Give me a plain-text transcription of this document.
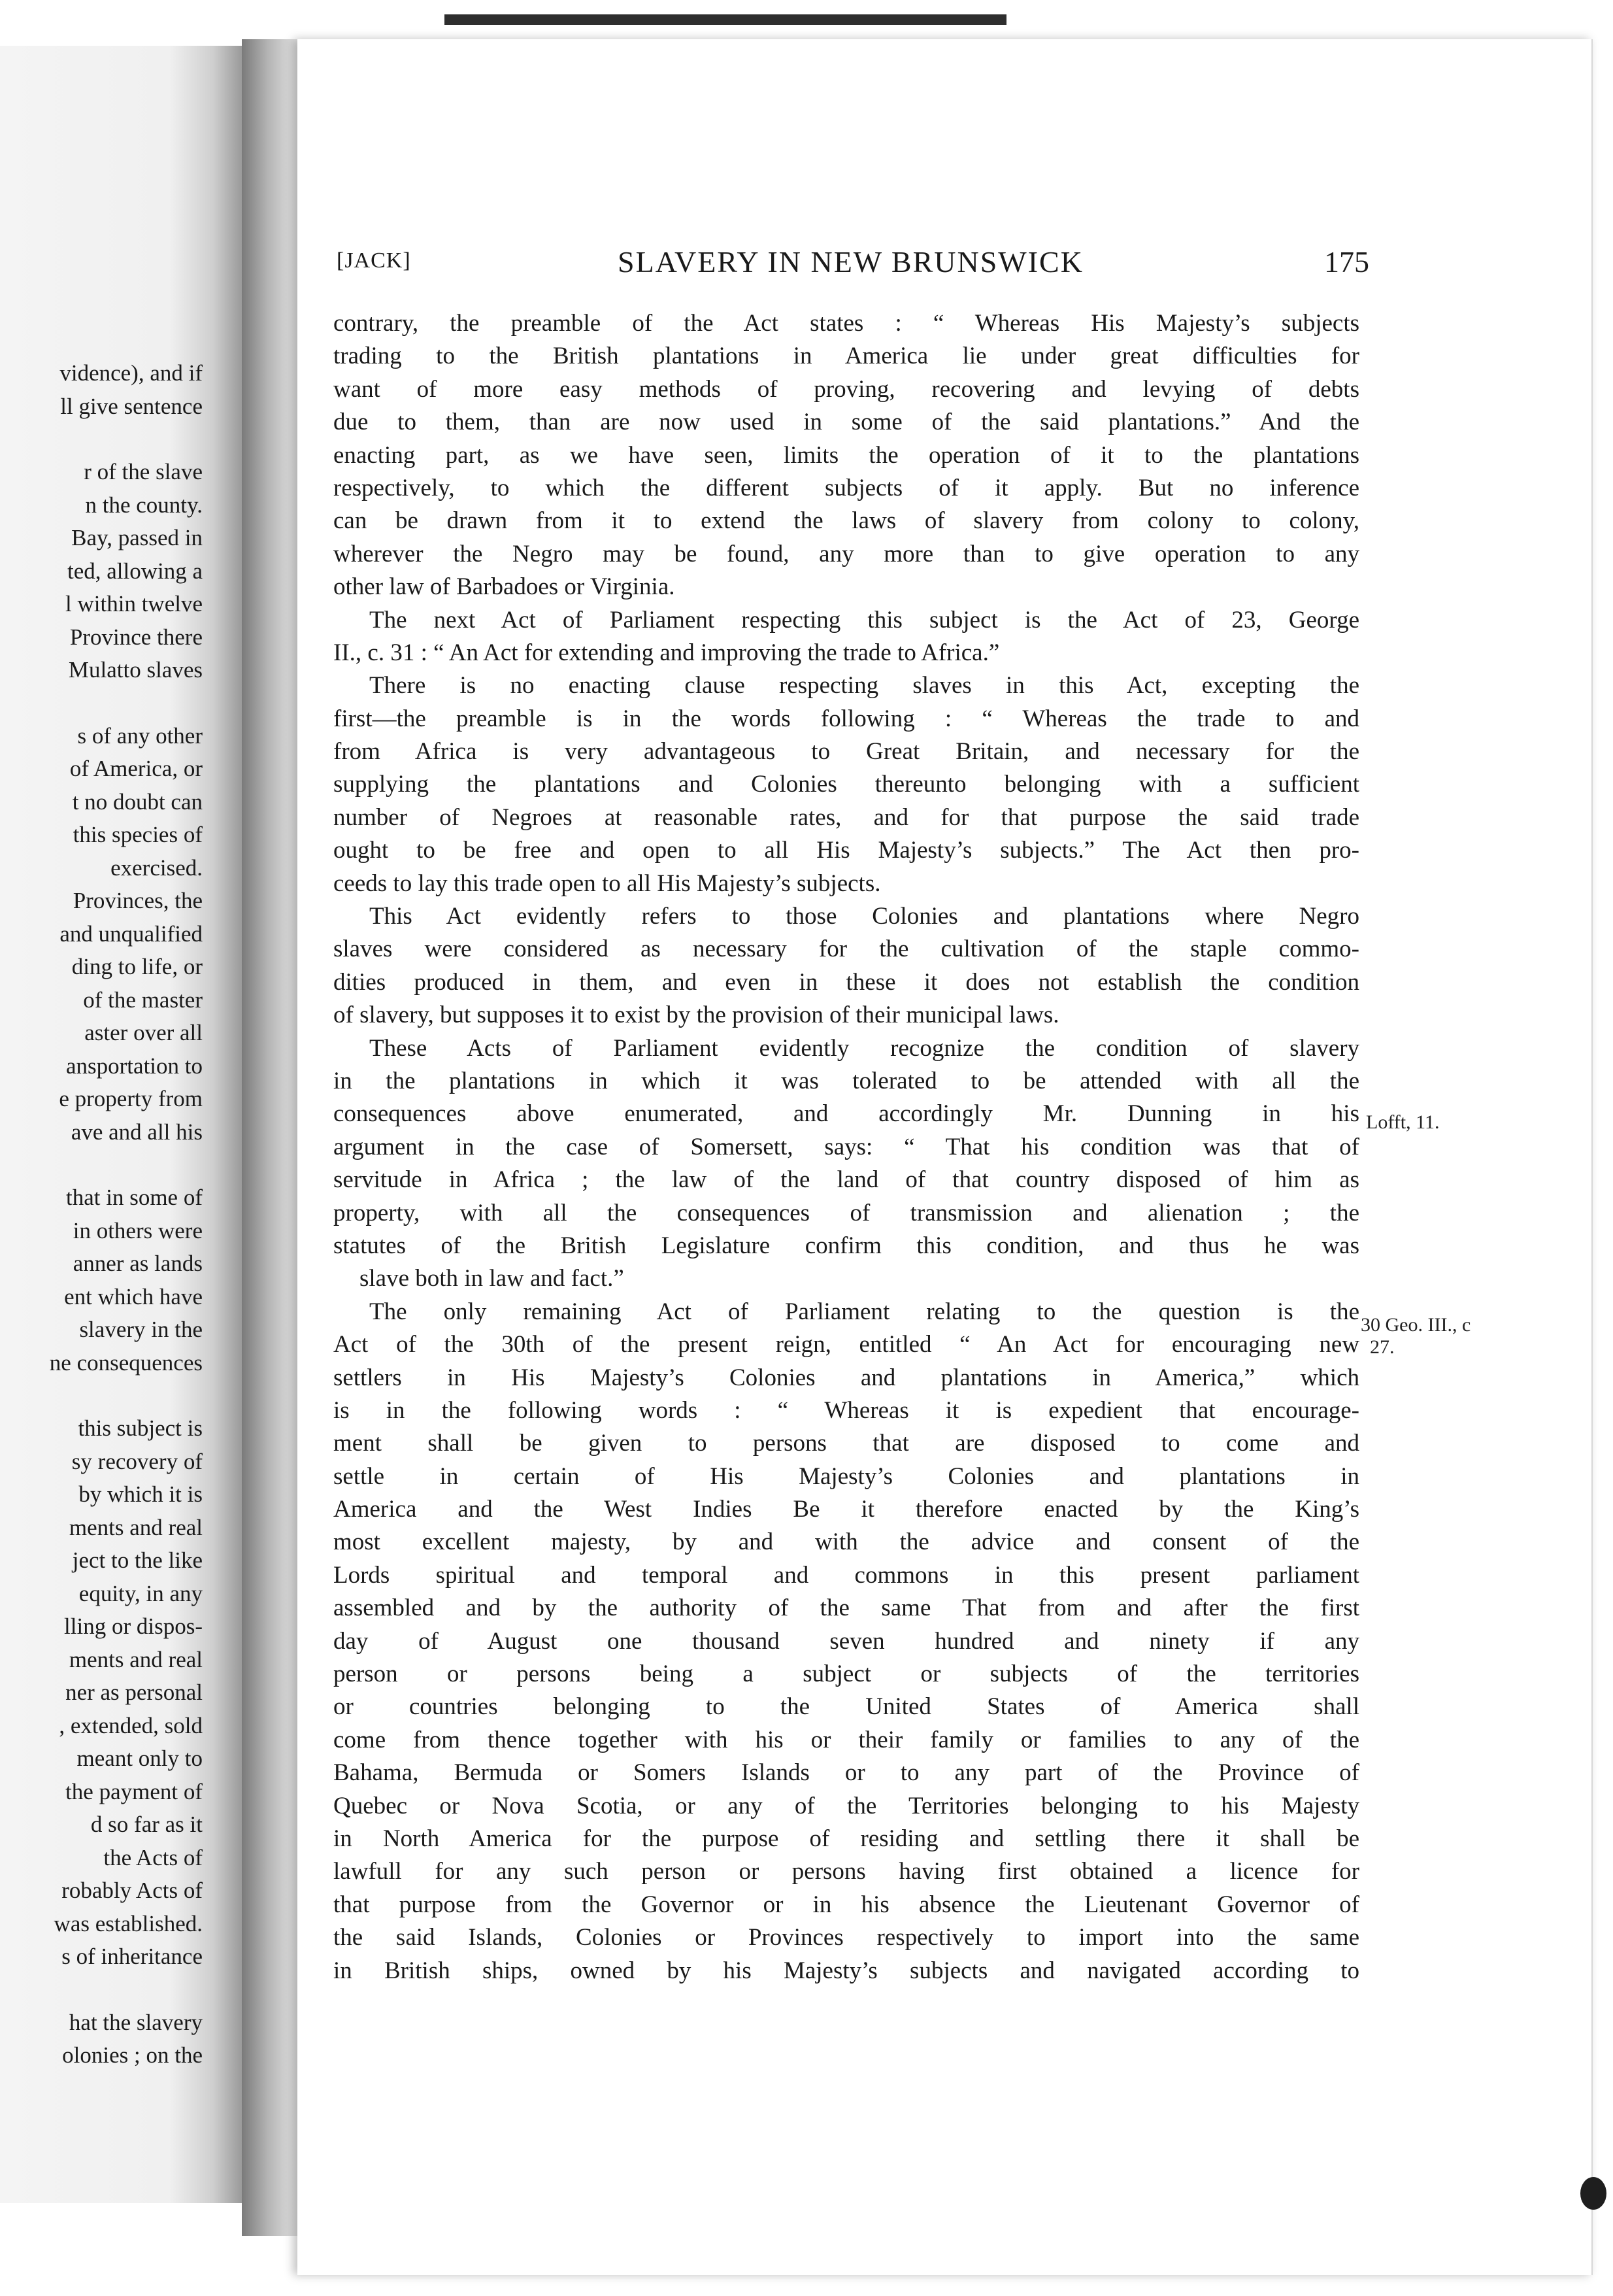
vidence), and if
ll give sentence
r of the slave
n the county.
Bay, passed in
ted, allowing a
l within twelve
Province there
Mulatto slaves
s of any other
of America, or
t no doubt can
this species of
exercised.
Provinces, the
and unqualified
ding to life, or
of the master
aster over all
ansportation to
e property from
ave and all his
that in some of
in others were
anner as lands
ent which have
slavery in the
ne consequences
this subject is
sy recovery of
by which it is
ments and real
ject to the like
equity, in any
lling or dispos-
ments and real
ner as personal
, extended, sold
meant only to
the payment of
d so far as it
the Acts of
robably Acts of
was established.
s of inheritance
hat the slavery
olonies ; on the
[JACK]	SLAVERY IN NEW BRUNSWICK	175
contrary, the preamble of the Act states : “ Whereas His Majesty’s subjects
trading to the British plantations in America lie under great difficulties for
want of more easy methods of proving, recovering and levying of debts
due to them, than are now used in some of the said plantations.” And the
enacting part, as we have seen, limits the operation of it to the plantations
respectively, to which the different subjects of it apply. But no inference
can be drawn from it to extend the laws of slavery from colony to colony,
wherever the Negro may be found, any more than to give operation to any
other law of Barbadoes or Virginia.
The next Act of Parliament respecting this subject is the Act of 23, George
II., c. 31 : “ An Act for extending and improving the trade to Africa.”
There is no enacting clause respecting slaves in this Act, excepting the
first—the preamble is in the words following : “ Whereas the trade to and
from Africa is very advantageous to Great Britain, and necessary for the
supplying the plantations and Colonies thereunto belonging with a sufficient
number of Negroes at reasonable rates, and for that purpose the said trade
ought to be free and open to all His Majesty’s subjects.” The Act then pro-
ceeds to lay this trade open to all His Majesty’s subjects.
This Act evidently refers to those Colonies and plantations where Negro
slaves were considered as necessary for the cultivation of the staple commo-
dities produced in them, and even in these it does not establish the condition
of slavery, but supposes it to exist by the provision of their municipal laws.
These Acts of Parliament evidently recognize the condition of slavery
in the plantations in which it was tolerated to be attended with all the
consequences above enumerated, and accordingly Mr. Dunning in his
argument in the case of Somersett, says: “ That his condition was that of
servitude in Africa ; the law of the land of that country disposed of him as
property, with all the consequences of transmission and alienation ; the
statutes of the British Legislature confirm this condition, and thus he was
slave both in law and fact.”
The only remaining Act of Parliament relating to the question is the
Act of the 30th of the present reign, entitled “ An Act for encouraging new
settlers in His Majesty’s Colonies and plantations in America,” which
is in the following words : “ Whereas it is expedient that encourage-
ment shall be given to persons that are disposed to come and
settle in certain of His Majesty’s Colonies and plantations in
America and the West Indies Be it therefore enacted by the King’s
most excellent majesty, by and with the advice and consent of the
Lords spiritual and temporal and commons in this present parliament
assembled and by the authority of the same That from and after the first
day of August one thousand seven hundred and ninety if any
person or persons being a subject or subjects of the territories
or countries belonging to the United States of America shall
come from thence together with his or their family or families to any of the
Bahama, Bermuda or Somers Islands or to any part of the Province of
Quebec or Nova Scotia, or any of the Territories belonging to his Majesty
in North America for the purpose of residing and settling there it shall be
lawfull for any such person or persons having first obtained a licence for
that purpose from the Governor or in his absence the Lieutenant Governor of
the said Islands, Colonies or Provinces respectively to import into the same
in British ships, owned by his Majesty’s subjects and navigated according to
Lofft, 11.
30 Geo. III., c
27.
